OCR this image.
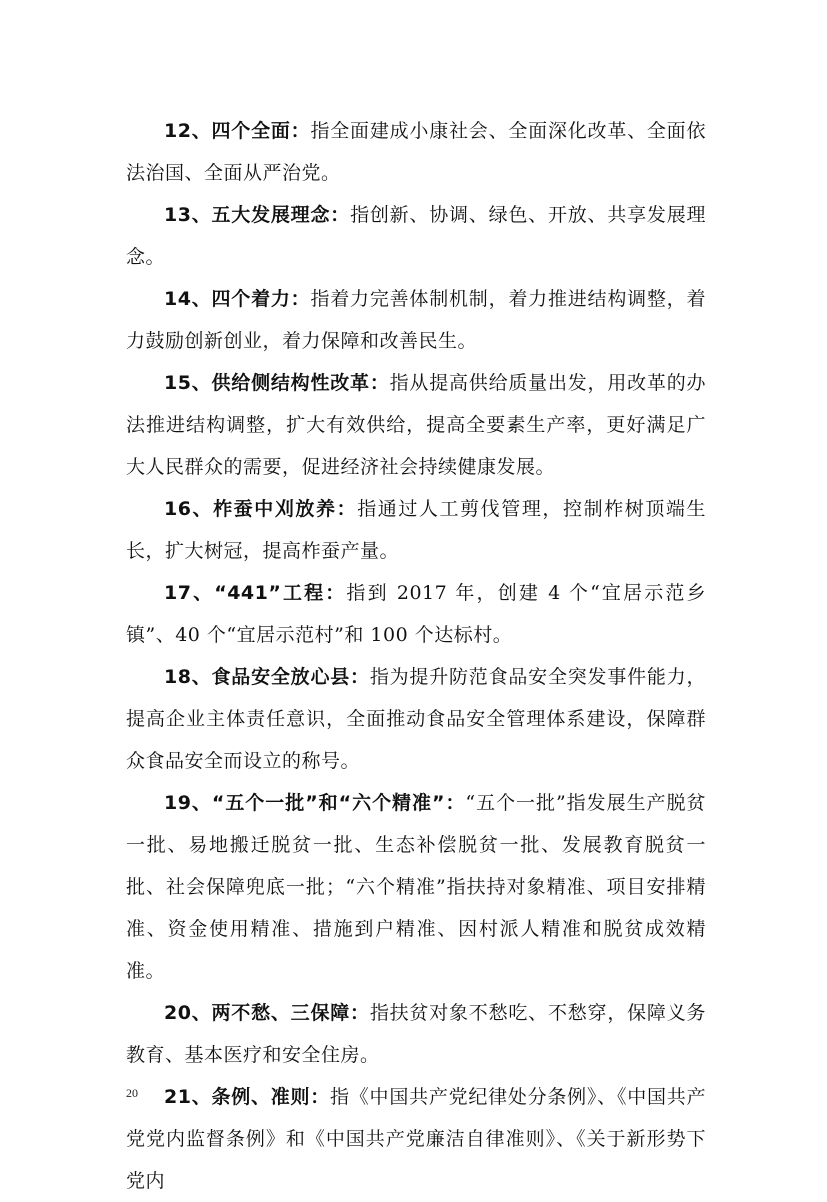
12、四个全面：指全面建成小康社会、全面深化改革、全面依法治国、全面从严治党。

13、五大发展理念：指创新、协调、绿色、开放、共享发展理念。

14、四个着力：指着力完善体制机制，着力推进结构调整，着力鼓励创新创业，着力保障和改善民生。

15、供给侧结构性改革：指从提高供给质量出发，用改革的办法推进结构调整，扩大有效供给，提高全要素生产率，更好满足广大人民群众的需要，促进经济社会持续健康发展。

16、柞蚕中刈放养：指通过人工剪伐管理，控制柞树顶端生长，扩大树冠，提高柞蚕产量。

17、“441”工程：指到 2017 年，创建 4 个“宜居示范乡镇”、40 个“宜居示范村”和 100 个达标村。

18、食品安全放心县：指为提升防范食品安全突发事件能力，提高企业主体责任意识，全面推动食品安全管理体系建设，保障群众食品安全而设立的称号。

19、“五个一批”和“六个精准”：“五个一批”指发展生产脱贫一批、易地搬迁脱贫一批、生态补偿脱贫一批、发展教育脱贫一批、社会保障兜底一批；“六个精准”指扶持对象精准、项目安排精准、资金使用精准、措施到户精准、因村派人精准和脱贫成效精准。

20、两不愁、三保障：指扶贫对象不愁吃、不愁穿，保障义务教育、基本医疗和安全住房。

21、条例、准则：指《中国共产党纪律处分条例》、《中国共产党党内监督条例》和《中国共产党廉洁自律准则》、《关于新形势下党内

20
